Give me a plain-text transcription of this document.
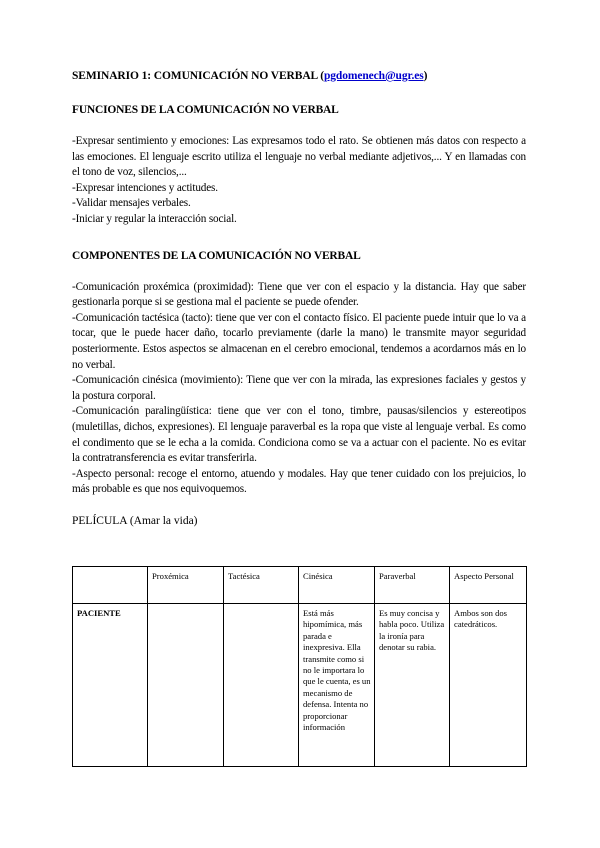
SEMINARIO 1: COMUNICACIÓN NO VERBAL (pgdomenech@ugr.es)

FUNCIONES DE LA COMUNICACIÓN NO VERBAL

-Expresar sentimiento y emociones: Las expresamos todo el rato. Se obtienen más datos con respecto a las emociones. El lenguaje escrito utiliza el lenguaje no verbal mediante adjetivos,... Y en llamadas con el tono de voz, silencios,...

-Expresar intenciones y actitudes.

-Validar mensajes verbales.

-Iniciar y regular la interacción social.

COMPONENTES DE LA COMUNICACIÓN NO VERBAL

-Comunicación proxémica (proximidad): Tiene que ver con el espacio y la distancia. Hay que saber gestionarla porque si se gestiona mal el paciente se puede ofender.

-Comunicación tactésica (tacto): tiene que ver con el contacto físico. El paciente puede intuir que lo va a tocar, que le puede hacer daño, tocarlo previamente (darle la mano) le transmite mayor seguridad posteriormente. Estos aspectos se almacenan en el cerebro emocional, tendemos a acordarnos más en lo no verbal.

-Comunicación cinésica (movimiento): Tiene que ver con la mirada, las expresiones faciales y gestos y la postura corporal.

-Comunicación paralingüística: tiene que ver con el tono, timbre, pausas/silencios y estereotipos (muletillas, dichos, expresiones). El lenguaje paraverbal es la ropa que viste al lenguaje verbal. Es como el condimento que se le echa a la comida. Condiciona como se va a actuar con el paciente. No es evitar la contratransferencia es evitar transferirla.

-Aspecto personal: recoge el entorno, atuendo y modales. Hay que tener cuidado con los prejuicios, lo más probable es que nos equivoquemos.

PELÍCULA (Amar la vida)

	Proxémica	Tactésica	Cinésica	Paraverbal	Aspecto Personal
PACIENTE			Está más hipomímica, más parada e inexpresiva. Ella transmite como si no le importara lo que le cuenta, es un mecanismo de defensa. Intenta no proporcionar información	Es muy concisa y habla poco. Utiliza la ironía para denotar su rabia.	Ambos son dos catedráticos.
